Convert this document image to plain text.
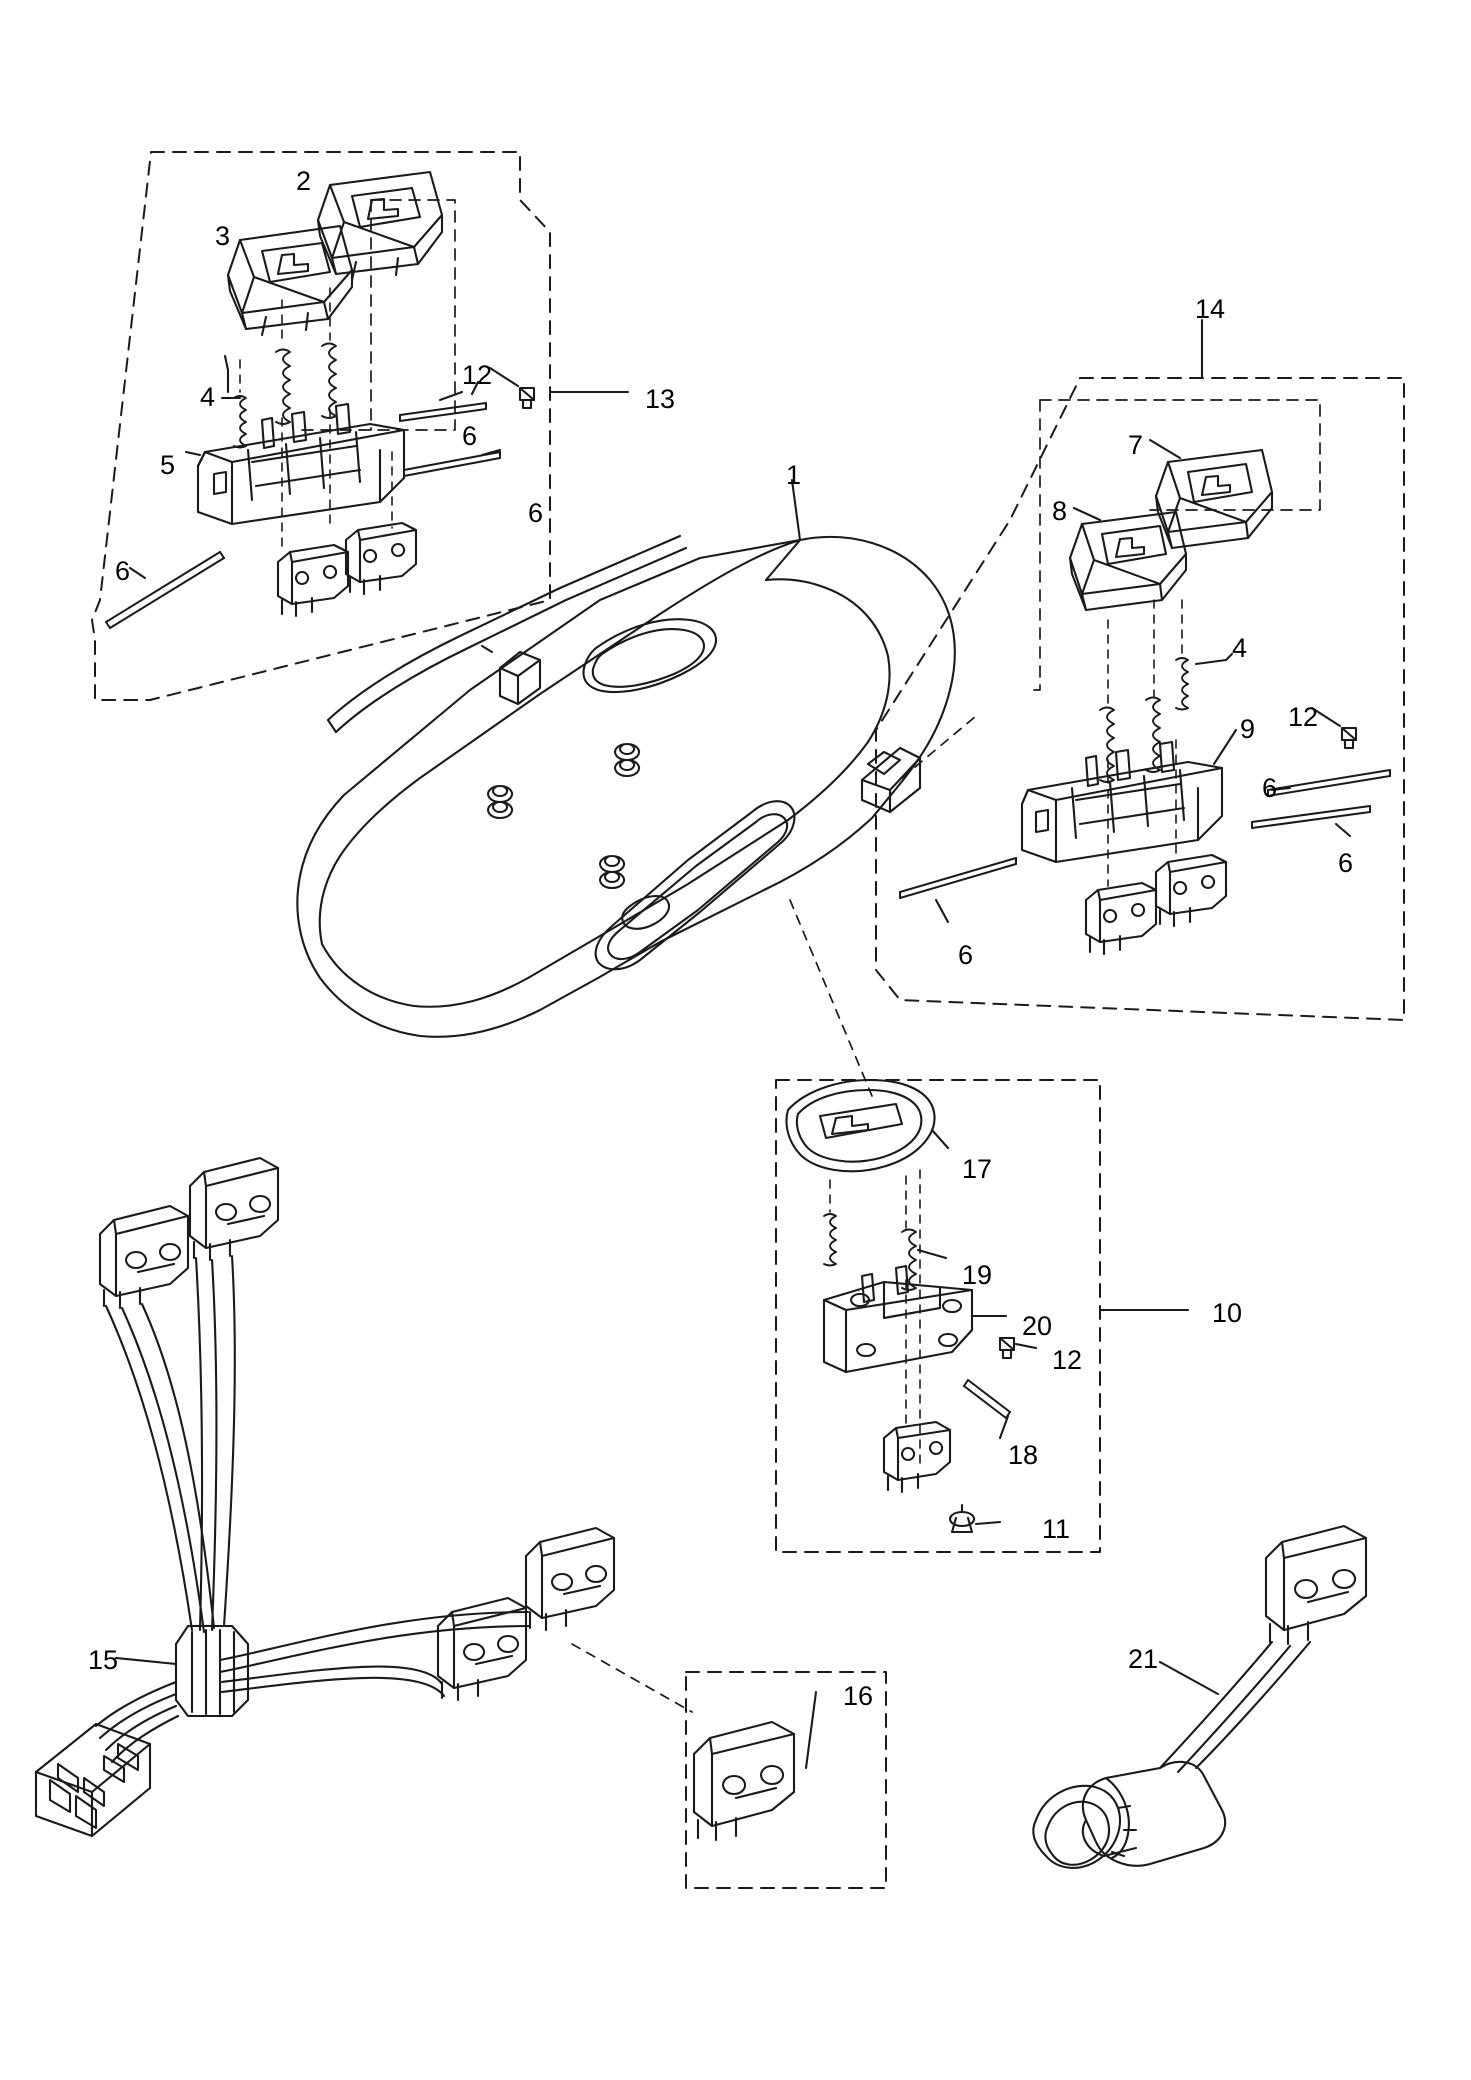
2
3
12
13
4
6
5
6
6
14
1
7
8
4
12
9
6
6
6
17
19
20	10
12
18
11
15
16
21
